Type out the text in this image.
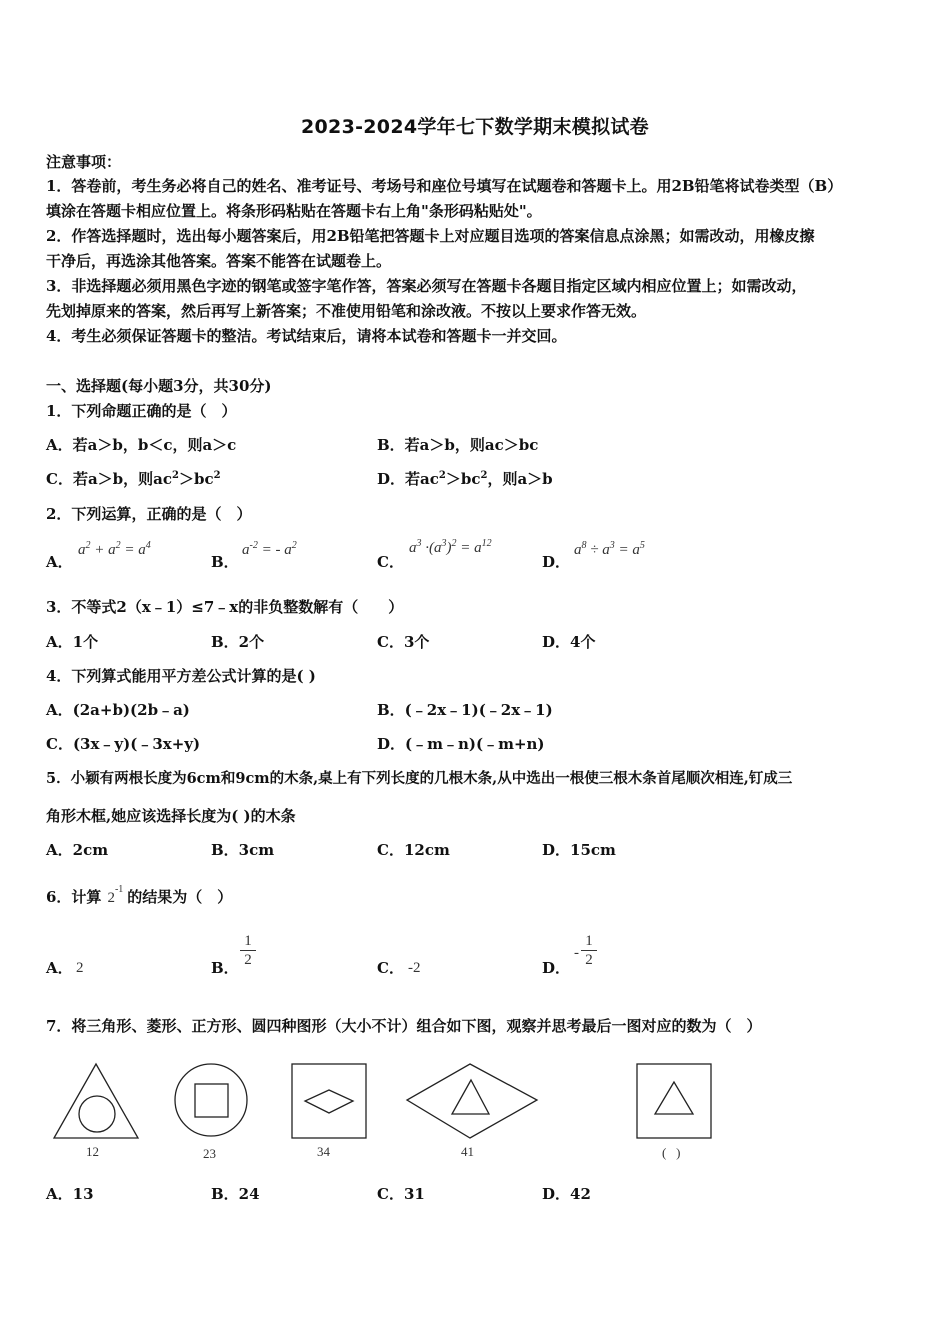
2023-2024学年七下数学期末模拟试卷
注意事项：
1．答卷前，考生务必将自己的姓名、准考证号、考场号和座位号填写在试题卷和答题卡上。用2B铅笔将试卷类型（B）
填涂在答题卡相应位置上。将条形码粘贴在答题卡右上角"条形码粘贴处"。
2．作答选择题时，选出每小题答案后，用2B铅笔把答题卡上对应题目选项的答案信息点涂黑；如需改动，用橡皮擦
干净后，再选涂其他答案。答案不能答在试题卷上。
3．非选择题必须用黑色字迹的钢笔或签字笔作答，答案必须写在答题卡各题目指定区域内相应位置上；如需改动，
先划掉原来的答案，然后再写上新答案；不准使用铅笔和涂改液。不按以上要求作答无效。
4．考生必须保证答题卡的整洁。考试结束后，请将本试卷和答题卡一并交回。
一、选择题(每小题3分，共30分)
1．下列命题正确的是（　）
A．若a＞b，b＜c，则a＞c	B．若a＞b，则ac＞bc
C．若a＞b，则$ac^2>bc^2$	D．若$ac^2>bc^2$，则a＞b
2．下列运算，正确的是（　）
A．
$a^2 + a^2 = a^4$
B．
$a^{-2}$ = - $a^2$
C．
$a^3 \cdot(a^3)^2 = a^{12}$
D．
$a^8 \div a^3 = a^5$
3．不等式2（x﹣1）≤7﹣x的非负整数解有（　　）
A．1个	B．2个	C．3个	D．4个
4．下列算式能用平方差公式计算的是( )
A．(2a+b)(2b﹣a)	B．(﹣2x﹣1)(﹣2x﹣1)
C．(3x﹣y)(﹣3x+y)	D．(﹣m﹣n)(﹣m+n)
5．小颖有两根长度为6cm和9cm的木条,桌上有下列长度的几根木条,从中选出一根使三根木条首尾顺次相连,钉成三
角形木框,她应该选择长度为( )的木条
A．2cm	B．3cm	C．12cm	D．15cm
6．计算 $2^{-1}$ 的结果为（　）
A． 2	B．
1
2	C． -2	D．
-
1
2
7．将三角形、菱形、正方形、圆四种图形（大小不计）组合如下图，观察并思考最后一图对应的数为（　）
12	23	34	41	(   )
A．13	B．24	C．31	D．42
